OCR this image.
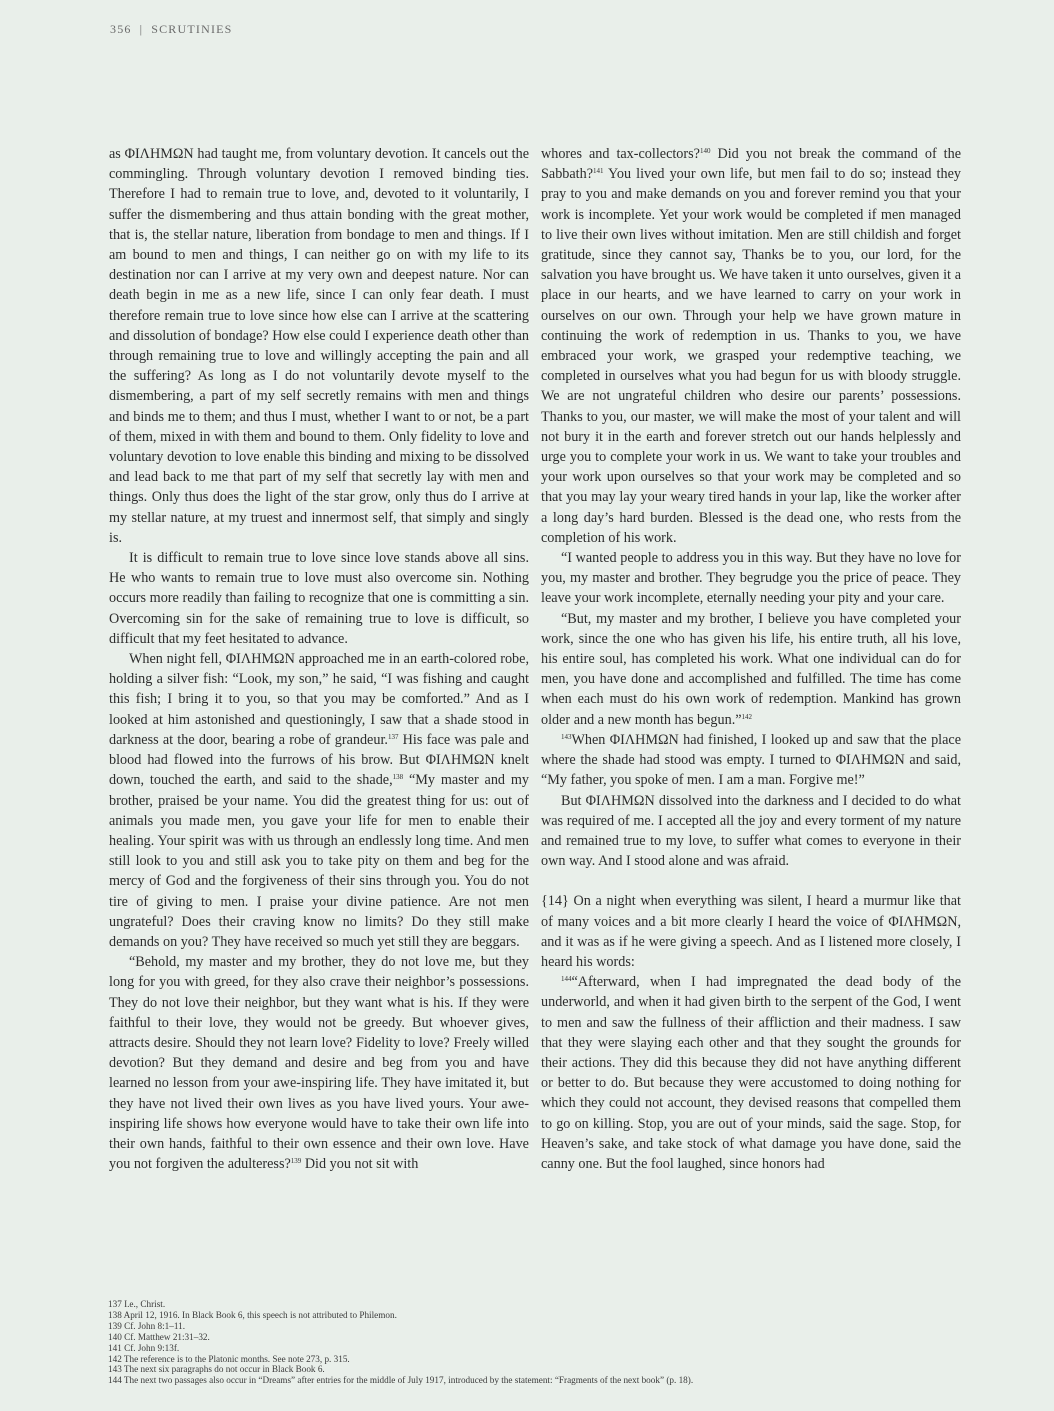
356 | SCRUTINIES

as ΦΙΛΗΜΩΝ had taught me, from voluntary devotion. It cancels out the commingling. Through voluntary devotion I removed binding ties. Therefore I had to remain true to love, and, devoted to it voluntarily, I suffer the dismembering and thus attain bonding with the great mother, that is, the stellar nature, liberation from bondage to men and things. If I am bound to men and things, I can neither go on with my life to its destination nor can I arrive at my very own and deepest nature. Nor can death begin in me as a new life, since I can only fear death. I must therefore remain true to love since how else can I arrive at the scattering and dissolution of bondage? How else could I experience death other than through remaining true to love and willingly accepting the pain and all the suffering? As long as I do not voluntarily devote myself to the dismembering, a part of my self secretly remains with men and things and binds me to them; and thus I must, whether I want to or not, be a part of them, mixed in with them and bound to them. Only fidelity to love and voluntary devotion to love enable this binding and mixing to be dissolved and lead back to me that part of my self that secretly lay with men and things. Only thus does the light of the star grow, only thus do I arrive at my stellar nature, at my truest and innermost self, that simply and singly is.

It is difficult to remain true to love since love stands above all sins. He who wants to remain true to love must also overcome sin. Nothing occurs more readily than failing to recognize that one is committing a sin. Overcoming sin for the sake of remaining true to love is difficult, so difficult that my feet hesitated to advance.

When night fell, ΦΙΛΗΜΩΝ approached me in an earth-colored robe, holding a silver fish: “Look, my son,” he said, “I was fishing and caught this fish; I bring it to you, so that you may be comforted.” And as I looked at him astonished and questioningly, I saw that a shade stood in darkness at the door, bearing a robe of grandeur.$^{137}$ His face was pale and blood had flowed into the furrows of his brow. But ΦΙΛΗΜΩΝ knelt down, touched the earth, and said to the shade,$^{138}$ “My master and my brother, praised be your name. You did the greatest thing for us: out of animals you made men, you gave your life for men to enable their healing. Your spirit was with us through an endlessly long time. And men still look to you and still ask you to take pity on them and beg for the mercy of God and the forgiveness of their sins through you. You do not tire of giving to men. I praise your divine patience. Are not men ungrateful? Does their craving know no limits? Do they still make demands on you? They have received so much yet still they are beggars.

“Behold, my master and my brother, they do not love me, but they long for you with greed, for they also crave their neighbor’s possessions. They do not love their neighbor, but they want what is his. If they were faithful to their love, they would not be greedy. But whoever gives, attracts desire. Should they not learn love? Fidelity to love? Freely willed devotion? But they demand and desire and beg from you and have learned no lesson from your awe-inspiring life. They have imitated it, but they have not lived their own lives as you have lived yours. Your awe-inspiring life shows how everyone would have to take their own life into their own hands, faithful to their own essence and their own love. Have you not forgiven the adulteress?$^{139}$ Did you not sit with

whores and tax-collectors?$^{140}$ Did you not break the command of the Sabbath?$^{141}$ You lived your own life, but men fail to do so; instead they pray to you and make demands on you and forever remind you that your work is incomplete. Yet your work would be completed if men managed to live their own lives without imitation. Men are still childish and forget gratitude, since they cannot say, Thanks be to you, our lord, for the salvation you have brought us. We have taken it unto ourselves, given it a place in our hearts, and we have learned to carry on your work in ourselves on our own. Through your help we have grown mature in continuing the work of redemption in us. Thanks to you, we have embraced your work, we grasped your redemptive teaching, we completed in ourselves what you had begun for us with bloody struggle. We are not ungrateful children who desire our parents’ possessions. Thanks to you, our master, we will make the most of your talent and will not bury it in the earth and forever stretch out our hands helplessly and urge you to complete your work in us. We want to take your troubles and your work upon ourselves so that your work may be completed and so that you may lay your weary tired hands in your lap, like the worker after a long day’s hard burden. Blessed is the dead one, who rests from the completion of his work.

“I wanted people to address you in this way. But they have no love for you, my master and brother. They begrudge you the price of peace. They leave your work incomplete, eternally needing your pity and your care.

“But, my master and my brother, I believe you have completed your work, since the one who has given his life, his entire truth, all his love, his entire soul, has completed his work. What one individual can do for men, you have done and accomplished and fulfilled. The time has come when each must do his own work of redemption. Mankind has grown older and a new month has begun.”$^{142}$

$^{143}$When ΦΙΛΗΜΩΝ had finished, I looked up and saw that the place where the shade had stood was empty. I turned to ΦΙΛΗΜΩΝ and said, “My father, you spoke of men. I am a man. Forgive me!”

But ΦΙΛΗΜΩΝ dissolved into the darkness and I decided to do what was required of me. I accepted all the joy and every torment of my nature and remained true to my love, to suffer what comes to everyone in their own way. And I stood alone and was afraid.

{14} On a night when everything was silent, I heard a murmur like that of many voices and a bit more clearly I heard the voice of ΦΙΛΗΜΩΝ, and it was as if he were giving a speech. And as I listened more closely, I heard his words:

$^{144}$“Afterward, when I had impregnated the dead body of the underworld, and when it had given birth to the serpent of the God, I went to men and saw the fullness of their affliction and their madness. I saw that they were slaying each other and that they sought the grounds for their actions. They did this because they did not have anything different or better to do. But because they were accustomed to doing nothing for which they could not account, they devised reasons that compelled them to go on killing. Stop, you are out of your minds, said the sage. Stop, for Heaven’s sake, and take stock of what damage you have done, said the canny one. But the fool laughed, since honors had

137 I.e., Christ.
138 April 12, 1916. In Black Book 6, this speech is not attributed to Philemon.
139 Cf. John 8:1–11.
140 Cf. Matthew 21:31–32.
141 Cf. John 9:13f.
142 The reference is to the Platonic months. See note 273, p. 315.
143 The next six paragraphs do not occur in Black Book 6.
144 The next two passages also occur in “Dreams” after entries for the middle of July 1917, introduced by the statement: “Fragments of the next book” (p. 18).
